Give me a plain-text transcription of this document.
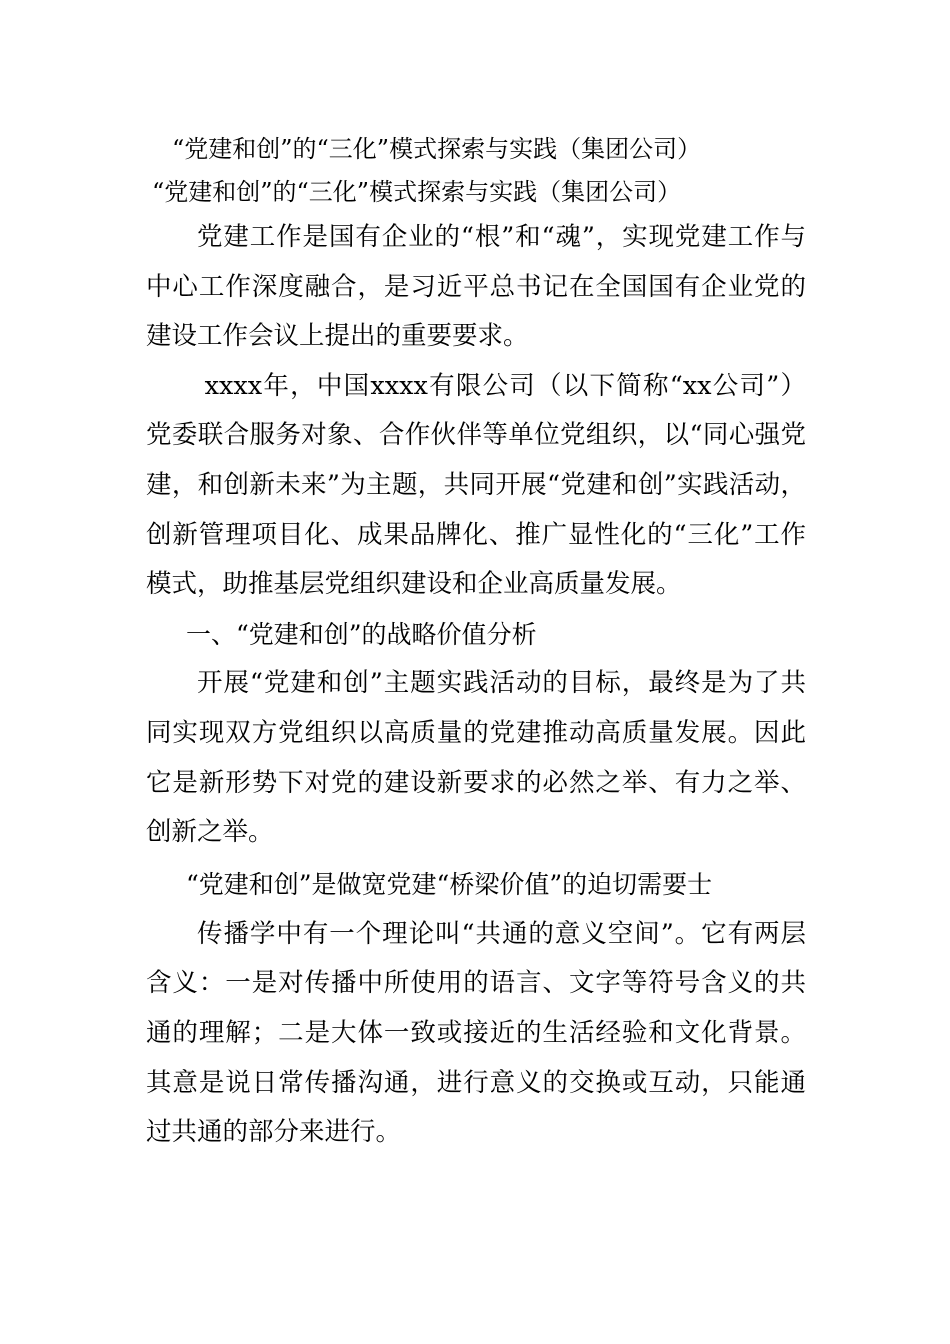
“党建和创”的“三化”模式探索与实践（集团公司）

“党建和创”的“三化”模式探索与实践（集团公司）

党建工作是国有企业的“根”和“魂”，实现党建工作与中心工作深度融合，是习近平总书记在全国国有企业党的建设工作会议上提出的重要要求。

xxxx年，中国xxxx有限公司（以下简称“xx公司”）党委联合服务对象、合作伙伴等单位党组织，以“同心强党建，和创新未来”为主题，共同开展“党建和创”实践活动，创新管理项目化、成果品牌化、推广显性化的“三化”工作模式，助推基层党组织建设和企业高质量发展。

一、“党建和创”的战略价值分析

开展“党建和创”主题实践活动的目标，最终是为了共同实现双方党组织以高质量的党建推动高质量发展。因此它是新形势下对党的建设新要求的必然之举、有力之举、创新之举。

“党建和创”是做宽党建“桥梁价值”的迫切需要士

传播学中有一个理论叫“共通的意义空间”。它有两层含义：一是对传播中所使用的语言、文字等符号含义的共通的理解；二是大体一致或接近的生活经验和文化背景。其意是说日常传播沟通，进行意义的交换或互动，只能通过共通的部分来进行。
